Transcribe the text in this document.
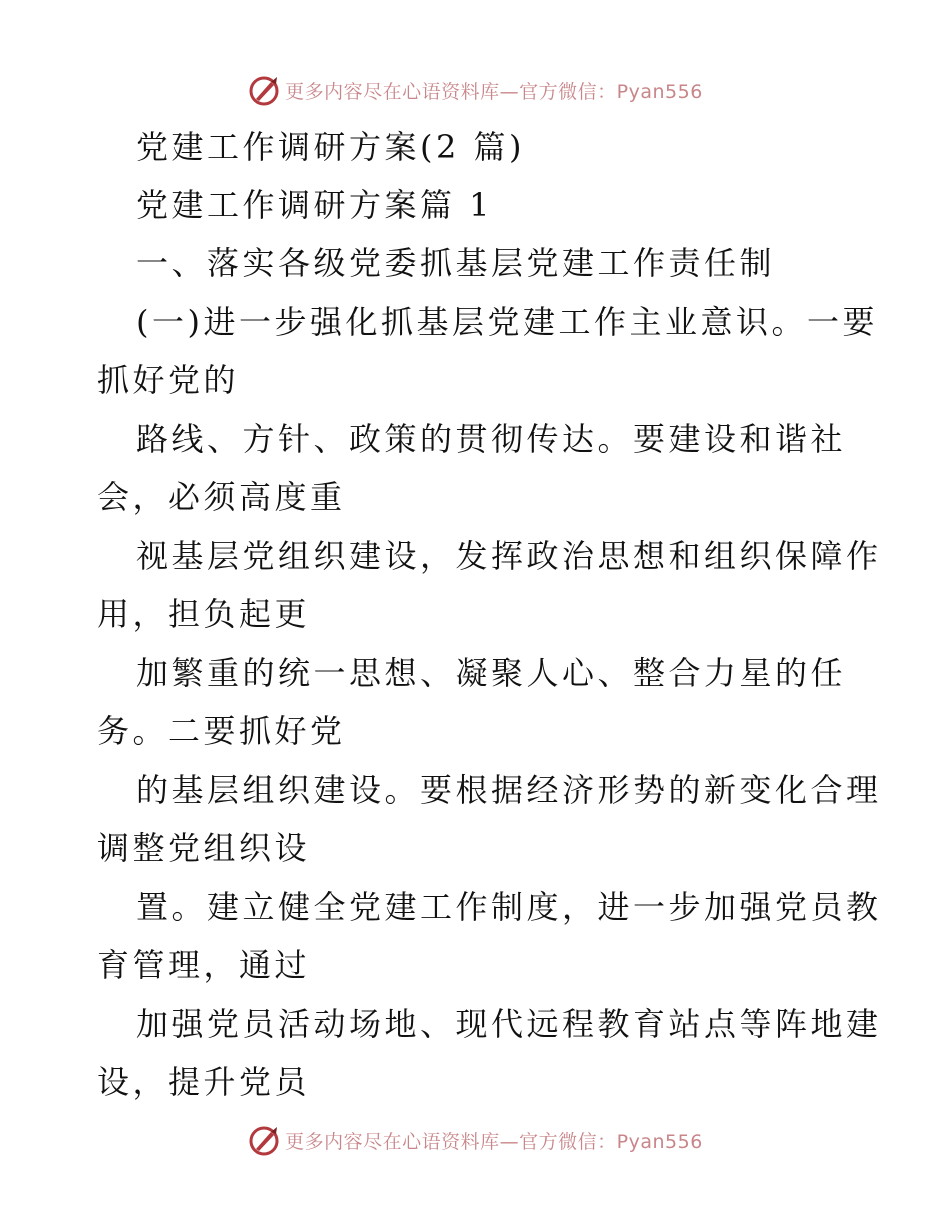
更多内容尽在心语资料库—官方微信：Pyan556
党建工作调研方案(2 篇)
党建工作调研方案篇 1
一、落实各级党委抓基层党建工作责任制
(一)进一步强化抓基层党建工作主业意识。一要
抓好党的
路线、方针、政策的贯彻传达。要建设和谐社
会，必须高度重
视基层党组织建设，发挥政治思想和组织保障作
用，担负起更
加繁重的统一思想、凝聚人心、整合力星的任
务。二要抓好党
的基层组织建设。要根据经济形势的新变化合理
调整党组织设
置。建立健全党建工作制度，进一步加强党员教
育管理，通过
加强党员活动场地、现代远程教育站点等阵地建
设，提升党员
更多内容尽在心语资料库—官方微信：Pyan556
